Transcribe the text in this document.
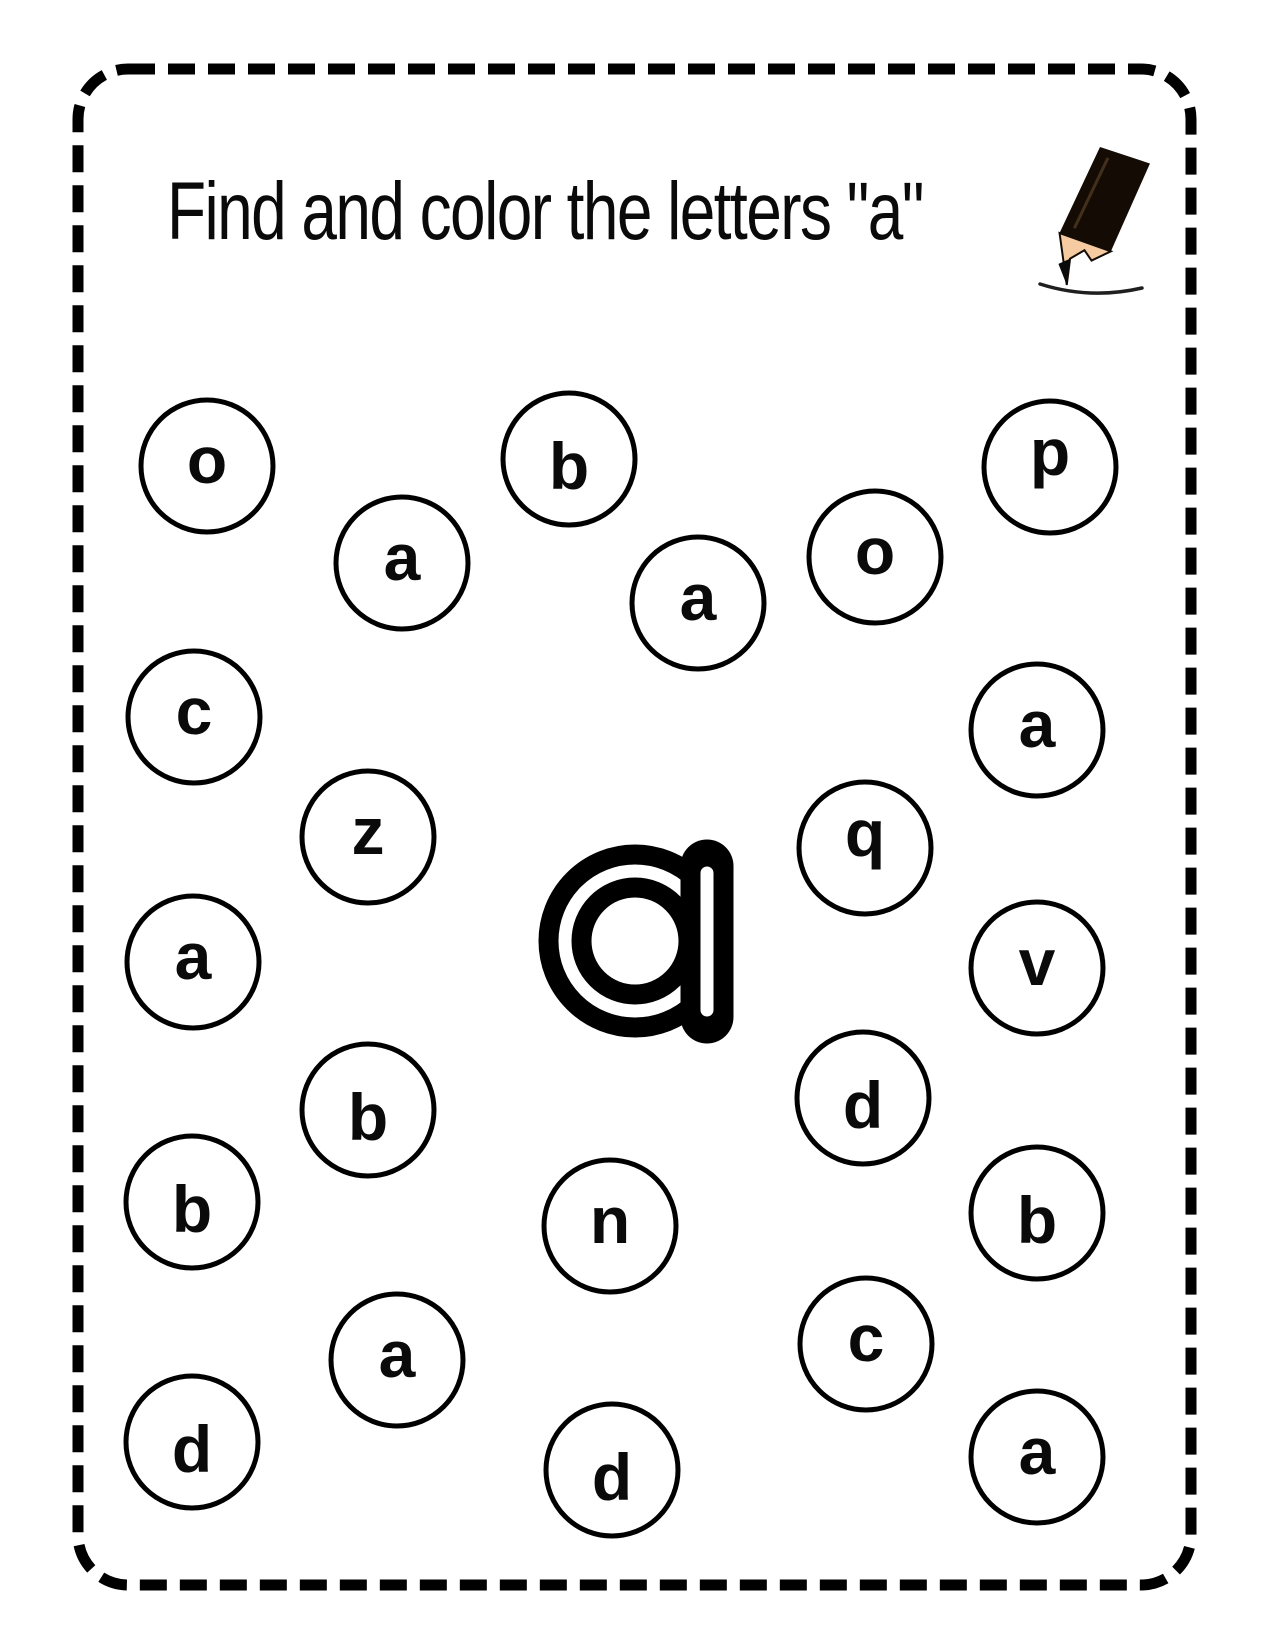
o	b	p
a	o
a
c	a
z	q
a	v
d
b
b	b
n
c
a
d	d	a
Find and color the letters "a"
